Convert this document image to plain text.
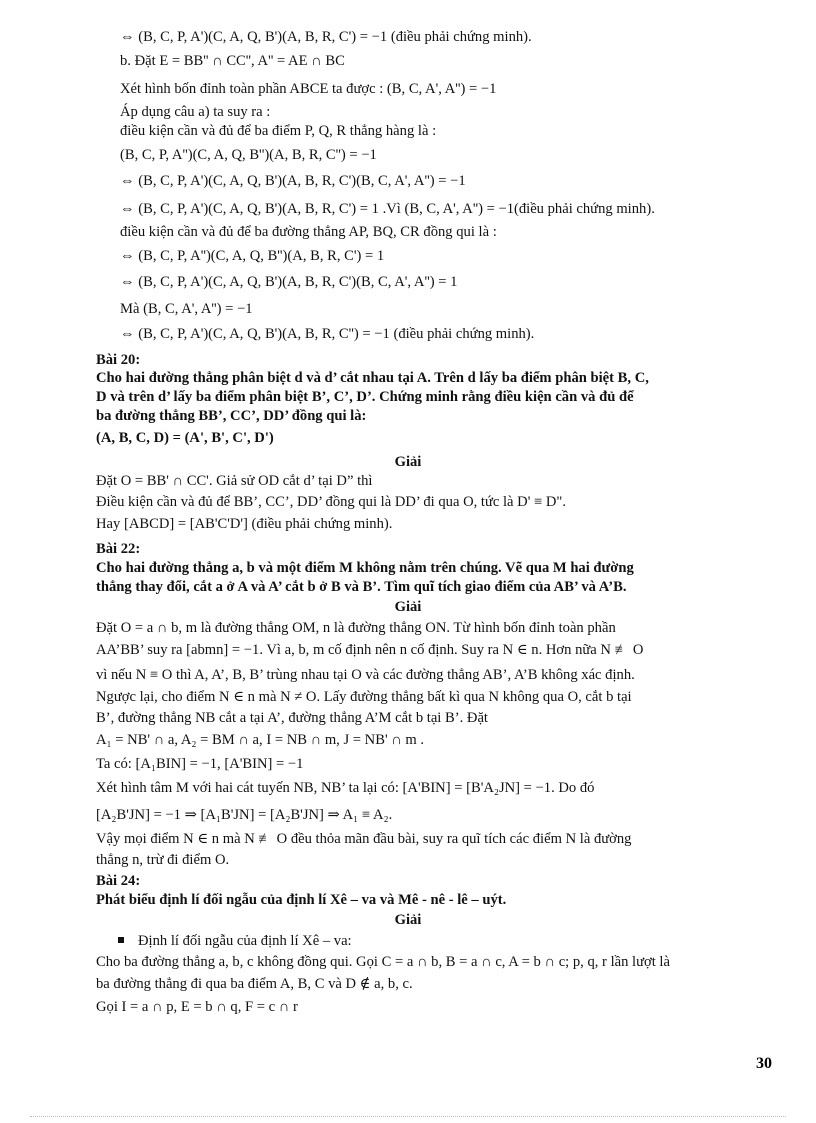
⇔ (B, C, P, A')(C, A, Q, B')(A, B, R, C') = −1 (điều phải chứng minh).
b. Đặt E = BB'' ∩ CC'', A'' = AE ∩ BC
Xét hình bốn đỉnh toàn phần ABCE ta được : (B, C, A', A'') = −1
Áp dụng câu a) ta suy ra :
điều kiện cần và đủ để ba điểm P, Q, R thẳng hàng là :
(B, C, P, A'')(C, A, Q, B'')(A, B, R, C'') = −1
⇔ (B, C, P, A')(C, A, Q, B')(A, B, R, C')(B, C, A', A'') = −1
⇔ (B, C, P, A')(C, A, Q, B')(A, B, R, C') = 1 .Vì (B, C, A', A'') = −1(điều phải chứng minh).
điều kiện cần và đủ để ba đường thẳng AP, BQ, CR đồng qui là :
⇔ (B, C, P, A'')(C, A, Q, B'')(A, B, R, C') = 1
⇔ (B, C, P, A')(C, A, Q, B')(A, B, R, C')(B, C, A', A'') = 1
Mà (B, C, A', A'') = −1
⇔ (B, C, P, A')(C, A, Q, B')(A, B, R, C'') = −1 (điều phải chứng minh).
Bài 20:
Cho hai đường thẳng phân biệt d và d’ cắt nhau tại A. Trên d lấy ba điểm phân biệt B, C,
D và trên d’ lấy ba điểm phân biệt B’, C’, D’. Chứng minh rằng điều kiện cần và đủ để
ba đường thẳng BB’, CC’, DD’ đồng qui là:
(A, B, C, D) = (A', B', C', D')
Giải
Đặt O = BB' ∩ CC'. Giả sử OD cắt d’ tại D” thì
Điều kiện cần và đủ để BB’, CC’, DD’ đồng qui là DD’ đi qua O, tức là D' ≡ D".
Hay [ABCD] = [AB'C'D'] (điều phải chứng minh).
Bài 22:
Cho hai đường thẳng a, b và một điểm M không nằm trên chúng. Vẽ qua M hai đường
thẳng thay đổi, cắt a ở A và A’ cắt b ở B và B’. Tìm quĩ tích giao điểm của AB’ và A’B.
Giải
Đặt O = a ∩ b, m là đường thẳng OM, n là đường thẳng ON. Từ hình bốn đỉnh toàn phần
AA’BB’ suy ra [abmn] = −1. Vì a, b, m cố định nên n cố định. Suy ra N ∈ n. Hơn nữa N ≢ O
vì nếu N ≡ O thì A, A’, B, B’ trùng nhau tại O và các đường thẳng AB’, A’B không xác định.
Ngược lại, cho điểm N ∈ n mà N ≠ O. Lấy đường thẳng bất kì qua N không qua O, cắt b tại
B’, đường thẳng NB cắt a tại A’, đường thẳng A’M cắt b tại B’. Đặt
A₁ = NB' ∩ a, A₂ = BM ∩ a, I = NB ∩ m, J = NB' ∩ m .
Ta có: [A₁BIN] = −1, [A'BIN] = −1
Xét hình tâm M với hai cát tuyến NB, NB’ ta lại có: [A'BIN] = [B'A₂JN] = −1. Do đó
[A₂B'JN] = −1 ⇒ [A₁B'JN] = [A₂B'JN] ⇒ A₁ ≡ A₂.
Vậy mọi điểm N ∈ n mà N ≢ O đều thỏa mãn đầu bài, suy ra quĩ tích các điểm N là đường
thẳng n, trừ đi điểm O.
Bài 24:
Phát biểu định lí đối ngẫu của định lí Xê – va và Mê - nê - lê – uýt.
Giải
Định lí đối ngẫu của định lí Xê – va:
Cho ba đường thẳng a, b, c không đồng qui. Gọi C = a ∩ b, B = a ∩ c, A = b ∩ c; p, q, r lần lượt là
ba đường thẳng đi qua ba điểm A, B, C và D ∉ a, b, c.
Gọi I = a ∩ p, E = b ∩ q, F = c ∩ r
30
